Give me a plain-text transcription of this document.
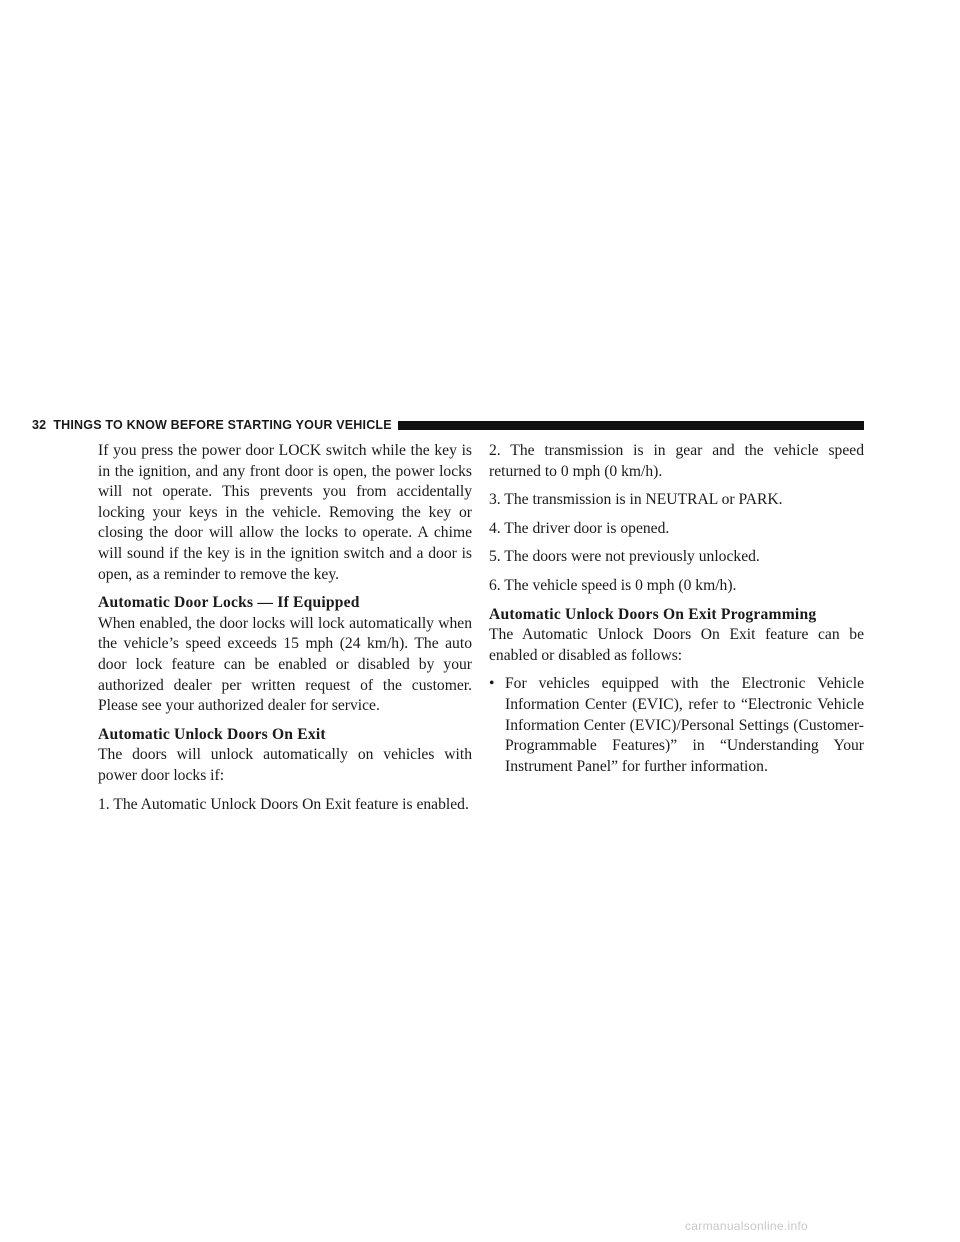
32 THINGS TO KNOW BEFORE STARTING YOUR VEHICLE

If you press the power door LOCK switch while the key is in the ignition, and any front door is open, the power locks will not operate. This prevents you from accidentally locking your keys in the vehicle. Removing the key or closing the door will allow the locks to operate. A chime will sound if the key is in the ignition switch and a door is open, as a reminder to remove the key.

Automatic Door Locks — If Equipped

When enabled, the door locks will lock automatically when the vehicle’s speed exceeds 15 mph (24 km/h). The auto door lock feature can be enabled or disabled by your authorized dealer per written request of the customer. Please see your authorized dealer for service.

Automatic Unlock Doors On Exit

The doors will unlock automatically on vehicles with power door locks if:

1. The Automatic Unlock Doors On Exit feature is enabled.

2. The transmission is in gear and the vehicle speed returned to 0 mph (0 km/h).

3. The transmission is in NEUTRAL or PARK.

4. The driver door is opened.

5. The doors were not previously unlocked.

6. The vehicle speed is 0 mph (0 km/h).

Automatic Unlock Doors On Exit Programming

The Automatic Unlock Doors On Exit feature can be enabled or disabled as follows:

• For vehicles equipped with the Electronic Vehicle Information Center (EVIC), refer to “Electronic Vehicle Information Center (EVIC)/Personal Settings (Customer-Programmable Features)” in “Understanding Your Instrument Panel” for further information.
carmanualsonline.info
